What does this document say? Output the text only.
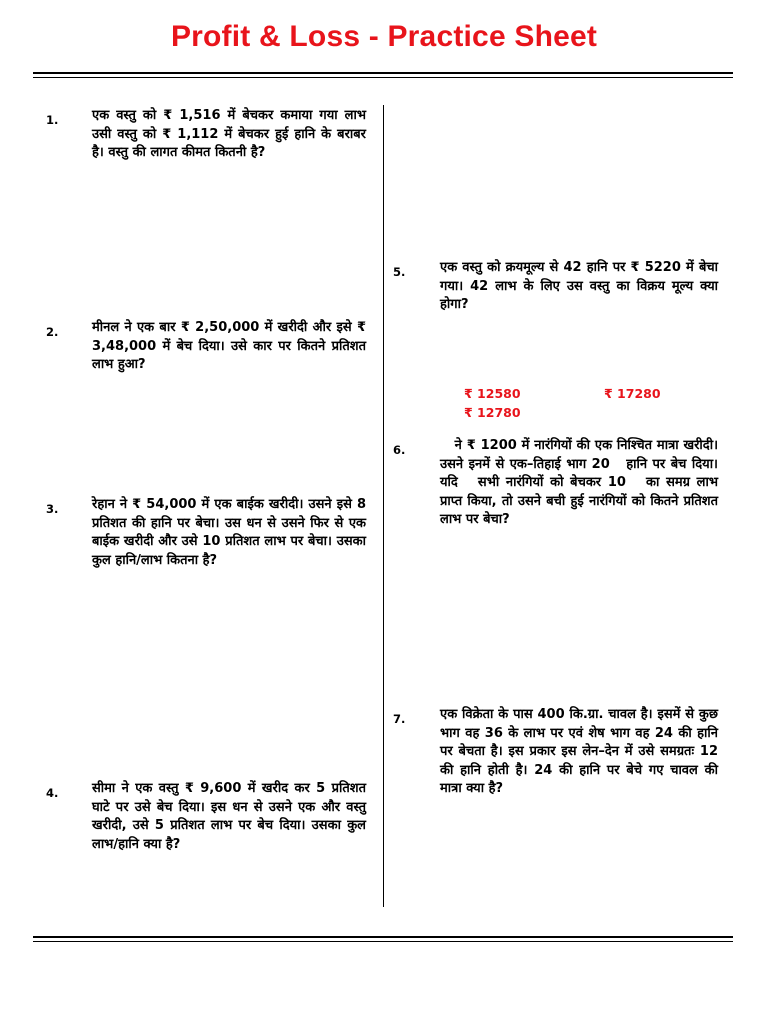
Profit & Loss - Practice Sheet
1.	एक वस्तु को ₹ 1,516 में बेचकर कमाया गया लाभ उसी वस्तु को ₹ 1,112 में बेचकर हुई हानि के बराबर है। वस्तु की लागत कीमत कितनी है?
2.	मीनल ने एक बार ₹ 2,50,000 में खरीदी और इसे ₹ 3,48,000 में बेच दिया। उसे कार पर कितने प्रतिशत लाभ हुआ?
3.	रेहान ने ₹ 54,000 में एक बाईक खरीदी। उसने इसे 8 प्रतिशत की हानि पर बेचा। उस धन से उसने फिर से एक बाईक खरीदी और उसे 10 प्रतिशत लाभ पर बेचा। उसका कुल हानि/लाभ कितना है?
4.	सीमा ने एक वस्तु ₹ 9,600 में खरीद कर 5 प्रतिशत घाटे पर उसे बेच दिया। इस धन से उसने एक और वस्तु खरीदी, उसे 5 प्रतिशत लाभ पर बेच दिया। उसका कुल लाभ/हानि क्या है?
5.	एक वस्तु को क्रयमूल्य से 42 हानि पर ₹ 5220 में बेचा गया। 42 लाभ के लिए उस वस्तु का विक्रय मूल्य क्या होगा?
₹ 12580	₹ 17280
₹ 12780
6.	ने ₹ 1200 में नारंगियों की एक निश्चित मात्रा खरीदी। उसने इनमें से एक–तिहाई भाग 20   हानि पर बेच दिया। यदि   सभी नारंगियों को बेचकर 10   का समग्र लाभ प्राप्त किया, तो उसने बची हुई नारंगियों को कितने प्रतिशत लाभ पर बेचा?
7.	एक विक्रेता के पास 400 कि.ग्रा. चावल है। इसमें से कुछ भाग वह 36 के लाभ पर एवं शेष भाग वह 24 की हानि पर बेचता है। इस प्रकार इस लेन–देन में उसे समग्रतः 12 की हानि होती है। 24 की हानि पर बेचे गए चावल की मात्रा क्या है?
